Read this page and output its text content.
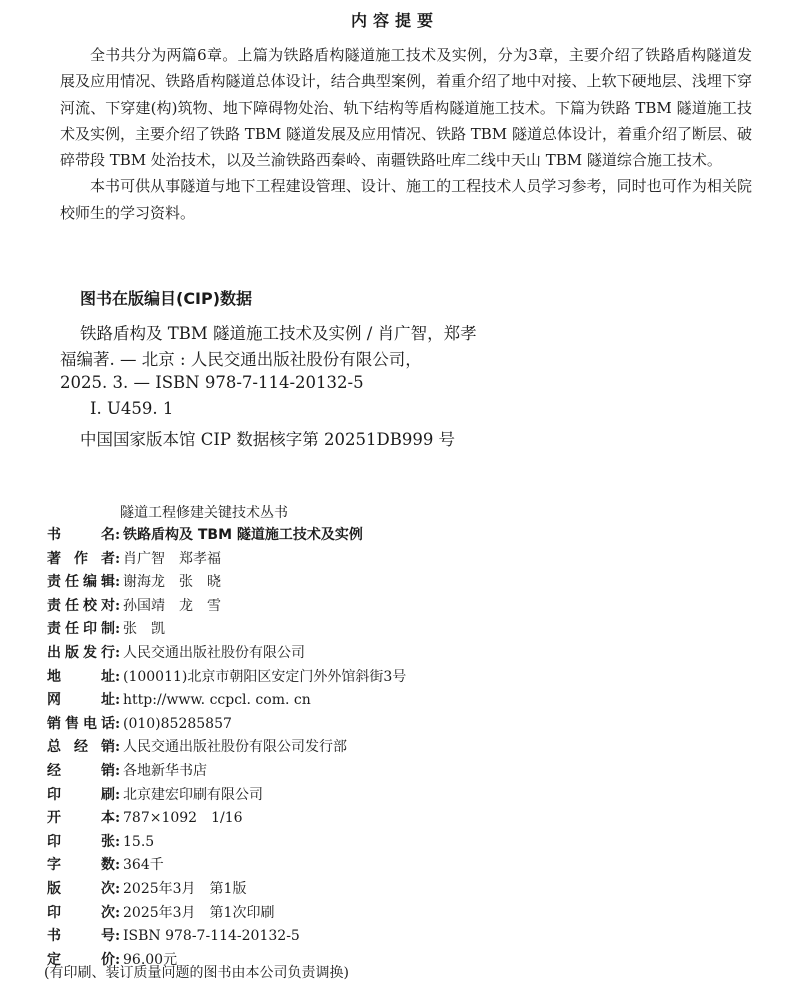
内容提要

全书共分为两篇6章。上篇为铁路盾构隧道施工技术及实例，分为3章，主要介绍了铁路盾构隧道发展及应用情况、铁路盾构隧道总体设计，结合典型案例，着重介绍了地中对接、上软下硬地层、浅埋下穿河流、下穿建(构)筑物、地下障碍物处治、轨下结构等盾构隧道施工技术。下篇为铁路 TBM 隧道施工技术及实例，主要介绍了铁路 TBM 隧道发展及应用情况、铁路 TBM 隧道总体设计，着重介绍了断层、破碎带段 TBM 处治技术，以及兰渝铁路西秦岭、南疆铁路吐库二线中天山 TBM 隧道综合施工技术。

本书可供从事隧道与地下工程建设管理、设计、施工的工程技术人员学习参考，同时也可作为相关院校师生的学习资料。

图书在版编目(CIP)数据
铁路盾构及 TBM 隧道施工技术及实例 / 肖广智，郑孝
福编著. — 北京 : 人民交通出版社股份有限公司，
2025. 3. — ISBN 978-7-114-20132-5
Ⅰ. U459. 1
中国国家版本馆 CIP 数据核字第 20251DB999 号
隧道工程修建关键技术丛书
书名 : 铁路盾构及 TBM 隧道施工技术及实例
著作者 : 肖广智　郑孝福
责任编辑 : 谢海龙　张　晓
责任校对 : 孙国靖　龙　雪
责任印制 : 张　凯
出版发行 : 人民交通出版社股份有限公司
地址 : (100011)北京市朝阳区安定门外外馆斜街3号
网址 : http://www. ccpcl. com. cn
销售电话 : (010)85285857
总经销 : 人民交通出版社股份有限公司发行部
经销 : 各地新华书店
印刷 : 北京建宏印刷有限公司
开本 : 787×1092　1/16
印张 : 15.5
字数 : 364千
版次 : 2025年3月　第1版
印次 : 2025年3月　第1次印刷
书号 : ISBN 978-7-114-20132-5
定价 : 96.00元
(有印刷、装订质量问题的图书由本公司负责调换)
